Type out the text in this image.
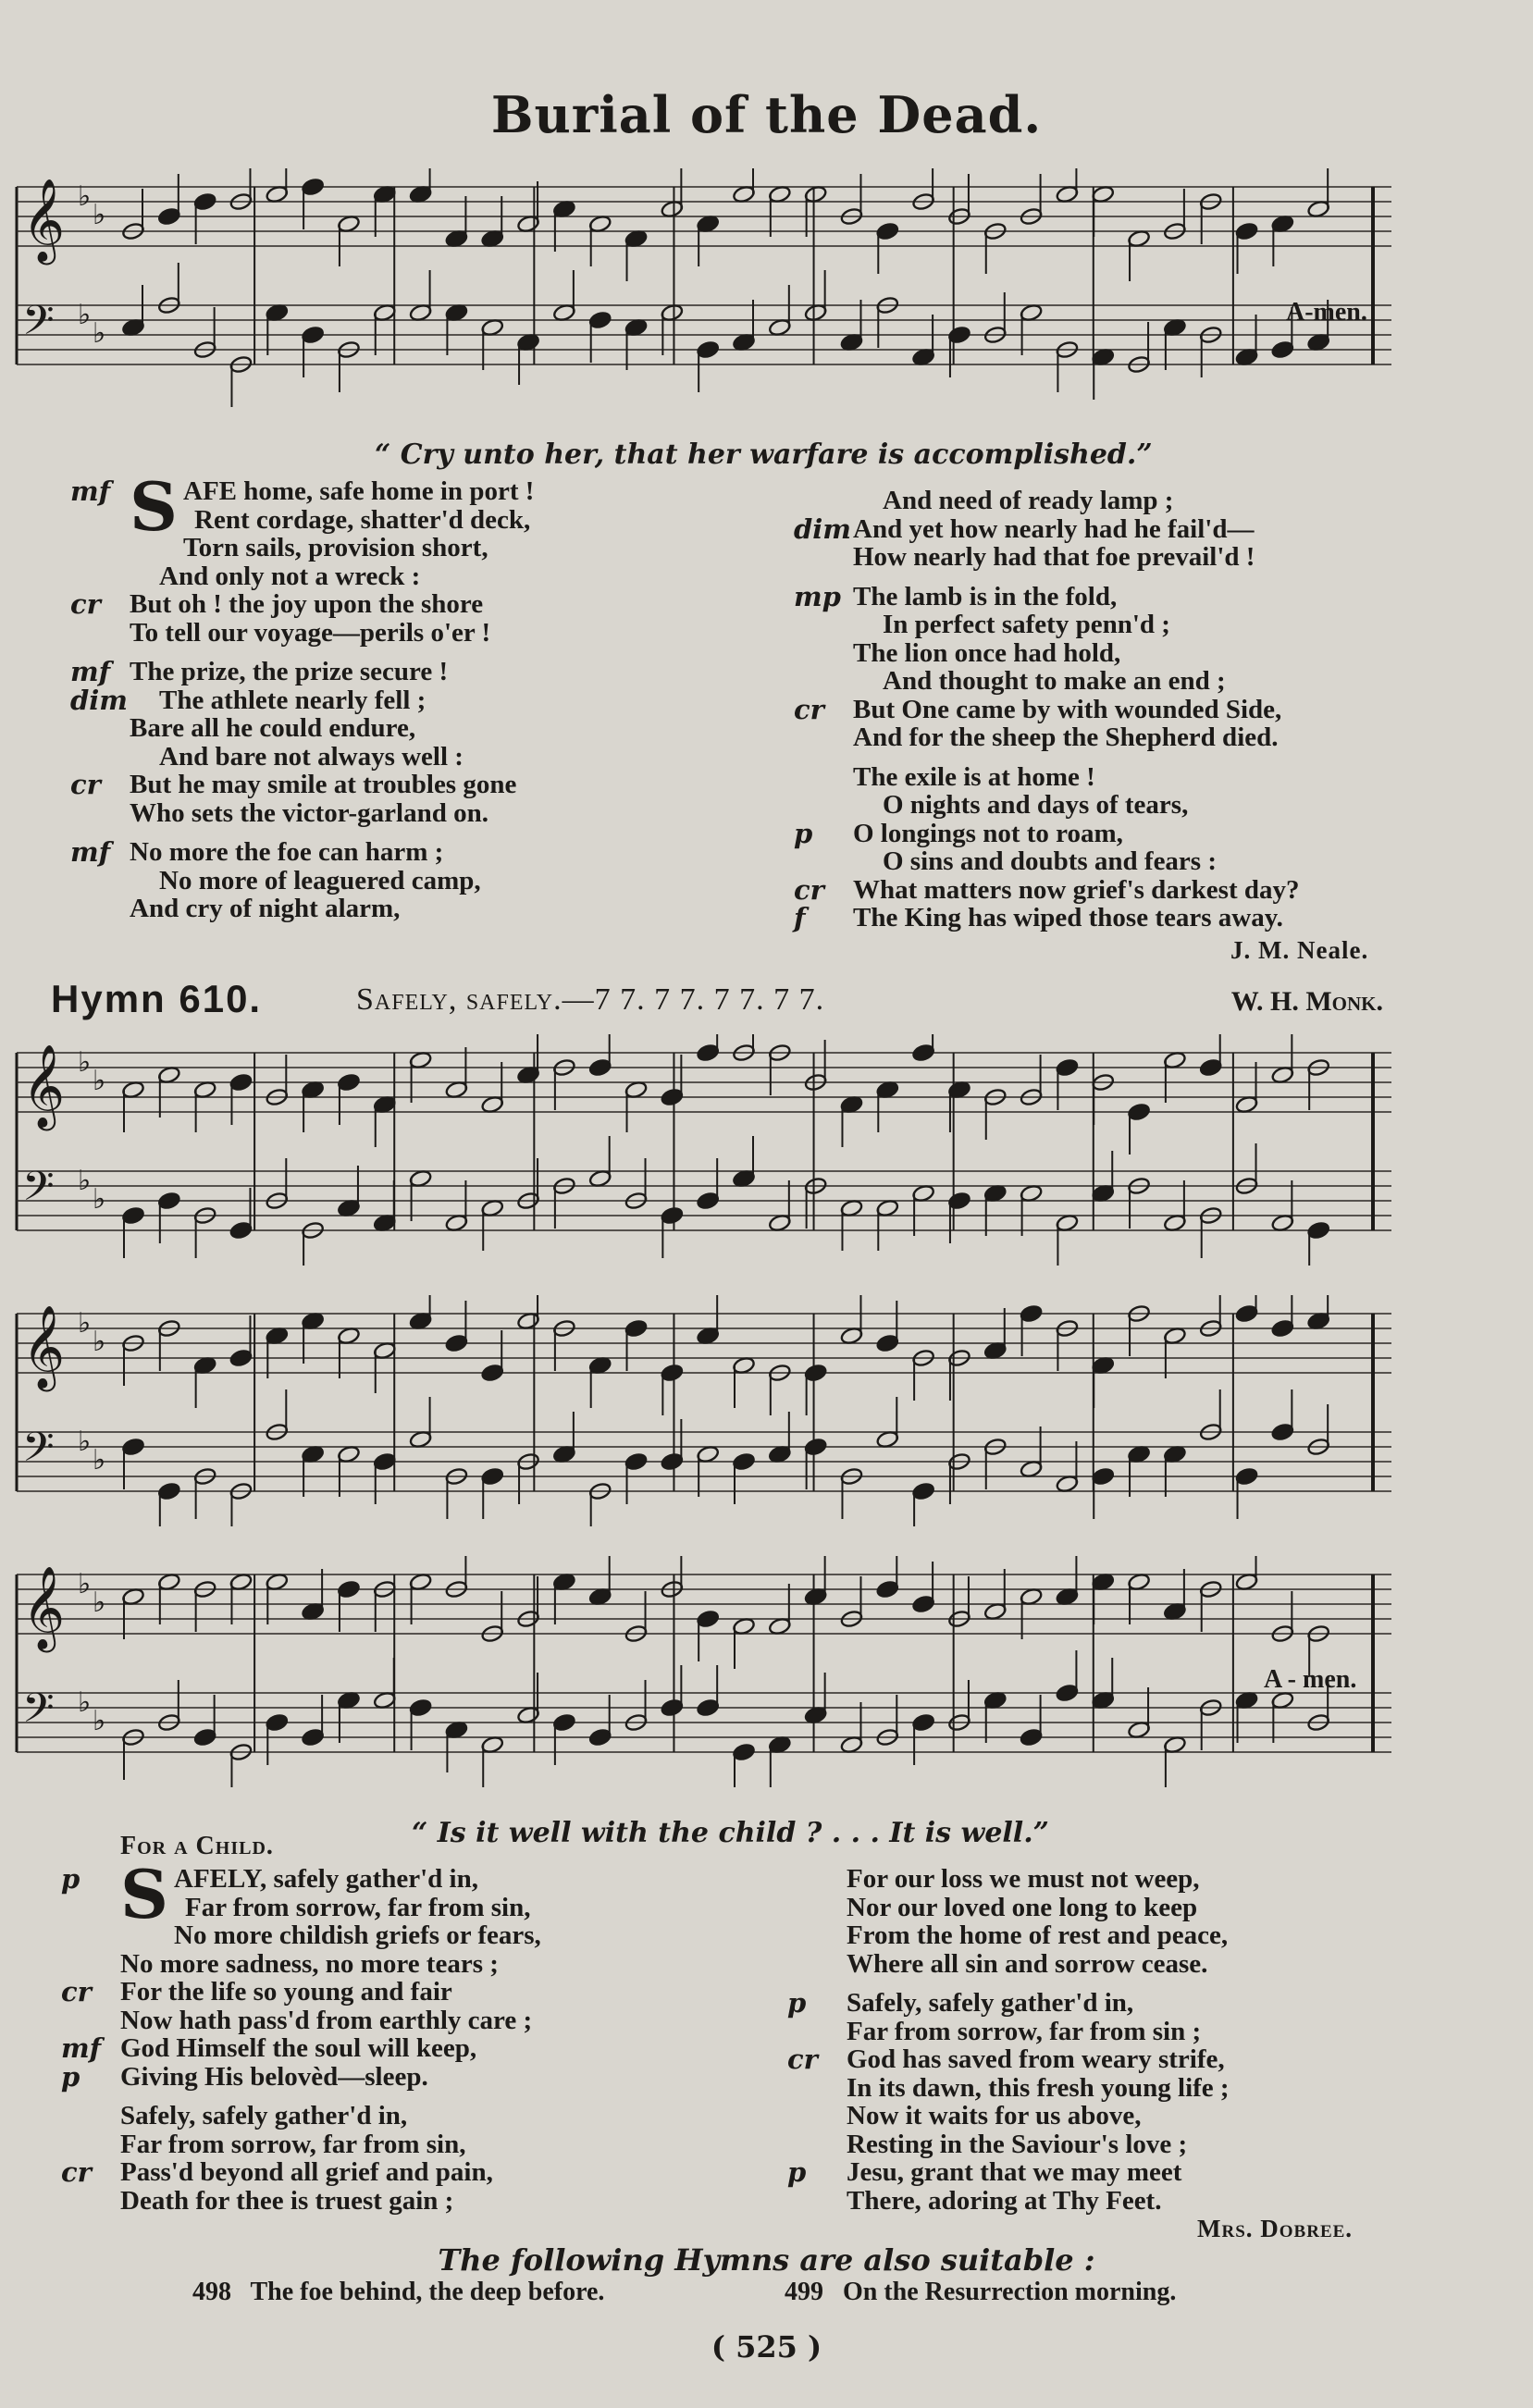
Burial of the Dead.
𝄞 ♭
♭
𝄢 ♭
♭
A-men.
“ Cry unto her, that her warfare is accomplished.”
mf S AFE home, safe home in port !
Rent cordage, shatter'd deck,
Torn sails, provision short,
And only not a wreck :
cr But oh ! the joy upon the shore
To tell our voyage—perils o'er !
mf The prize, the prize secure !
dim The athlete nearly fell ;
Bare all he could endure,
And bare not always well :
cr But he may smile at troubles gone
Who sets the victor-garland on.
mf No more the foe can harm ;
No more of leaguered camp,
And cry of night alarm,
And need of ready lamp ;
dim And yet how nearly had he fail'd—
How nearly had that foe prevail'd !
mp The lamb is in the fold,
In perfect safety penn'd ;
The lion once had hold,
And thought to make an end ;
cr But One came by with wounded Side,
And for the sheep the Shepherd died.
The exile is at home !
O nights and days of tears,
p O longings not to roam,
O sins and doubts and fears :
cr What matters now grief's darkest day?
f The King has wiped those tears away.
J. M. Neale.
Hymn 610.	Safely, safely.—7 7. 7 7. 7 7. 7 7.	W. H. Monk.
𝄞 ♭
♭
𝄢 ♭
♭
𝄞 ♭
♭
𝄢 ♭
♭
𝄞 ♭
♭
𝄢 ♭
♭
A - men.
For a Child.	“ Is it well with the child ? . . . It is well.”
p S AFELY, safely gather'd in,
Far from sorrow, far from sin,
No more childish griefs or fears,
No more sadness, no more tears ;
cr For the life so young and fair
Now hath pass'd from earthly care ;
mf God Himself the soul will keep,
p Giving His belovèd—sleep.
Safely, safely gather'd in,
Far from sorrow, far from sin,
cr Pass'd beyond all grief and pain,
Death for thee is truest gain ;
For our loss we must not weep,
Nor our loved one long to keep
From the home of rest and peace,
Where all sin and sorrow cease.
p Safely, safely gather'd in,
Far from sorrow, far from sin ;
cr God has saved from weary strife,
In its dawn, this fresh young life ;
Now it waits for us above,
Resting in the Saviour's love ;
p Jesu, grant that we may meet
There, adoring at Thy Feet.
Mrs. Dobree.
The following Hymns are also suitable :
498 The foe behind, the deep before.	499 On the Resurrection morning.
( 525 )
